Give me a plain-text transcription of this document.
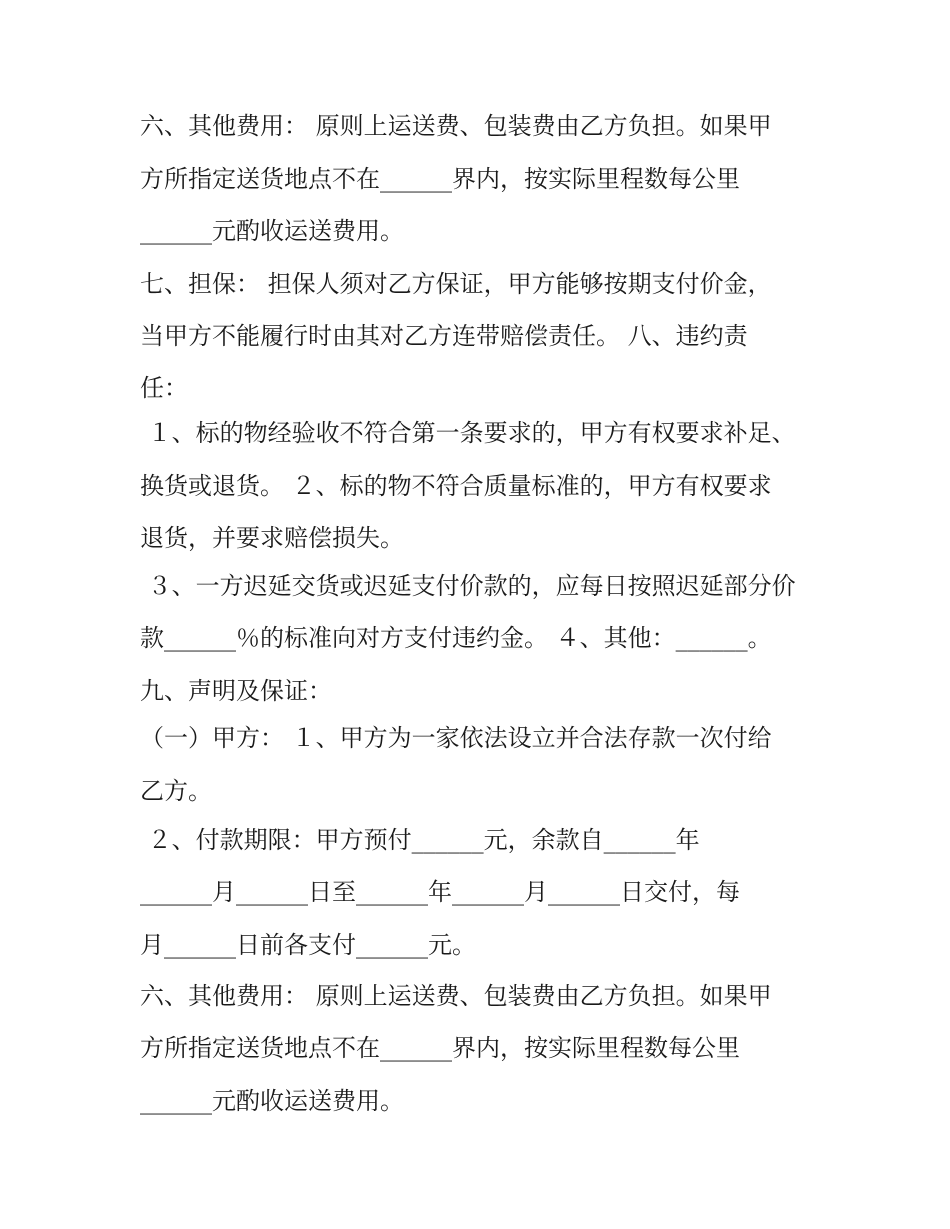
六、其他费用： 原则上运送费、包装费由乙方负担。如果甲
方所指定送货地点不在______界内，按实际里程数每公里
______元酌收运送费用。
七、担保： 担保人须对乙方保证，甲方能够按期支付价金，
当甲方不能履行时由其对乙方连带赔偿责任。 八、违约责
任：
１、标的物经验收不符合第一条要求的，甲方有权要求补足、
换货或退货。 ２、标的物不符合质量标准的，甲方有权要求
退货，并要求赔偿损失。
３、一方迟延交货或迟延支付价款的，应每日按照迟延部分价
款______％的标准向对方支付违约金。 ４、其他：______。
九、声明及保证：
（一）甲方： １、甲方为一家依法设立并合法存款一次付给
乙方。
２、付款期限：甲方预付______元，余款自______年
______月______日至______年______月______日交付，每
月______日前各支付______元。
六、其他费用： 原则上运送费、包装费由乙方负担。如果甲
方所指定送货地点不在______界内，按实际里程数每公里
______元酌收运送费用。
